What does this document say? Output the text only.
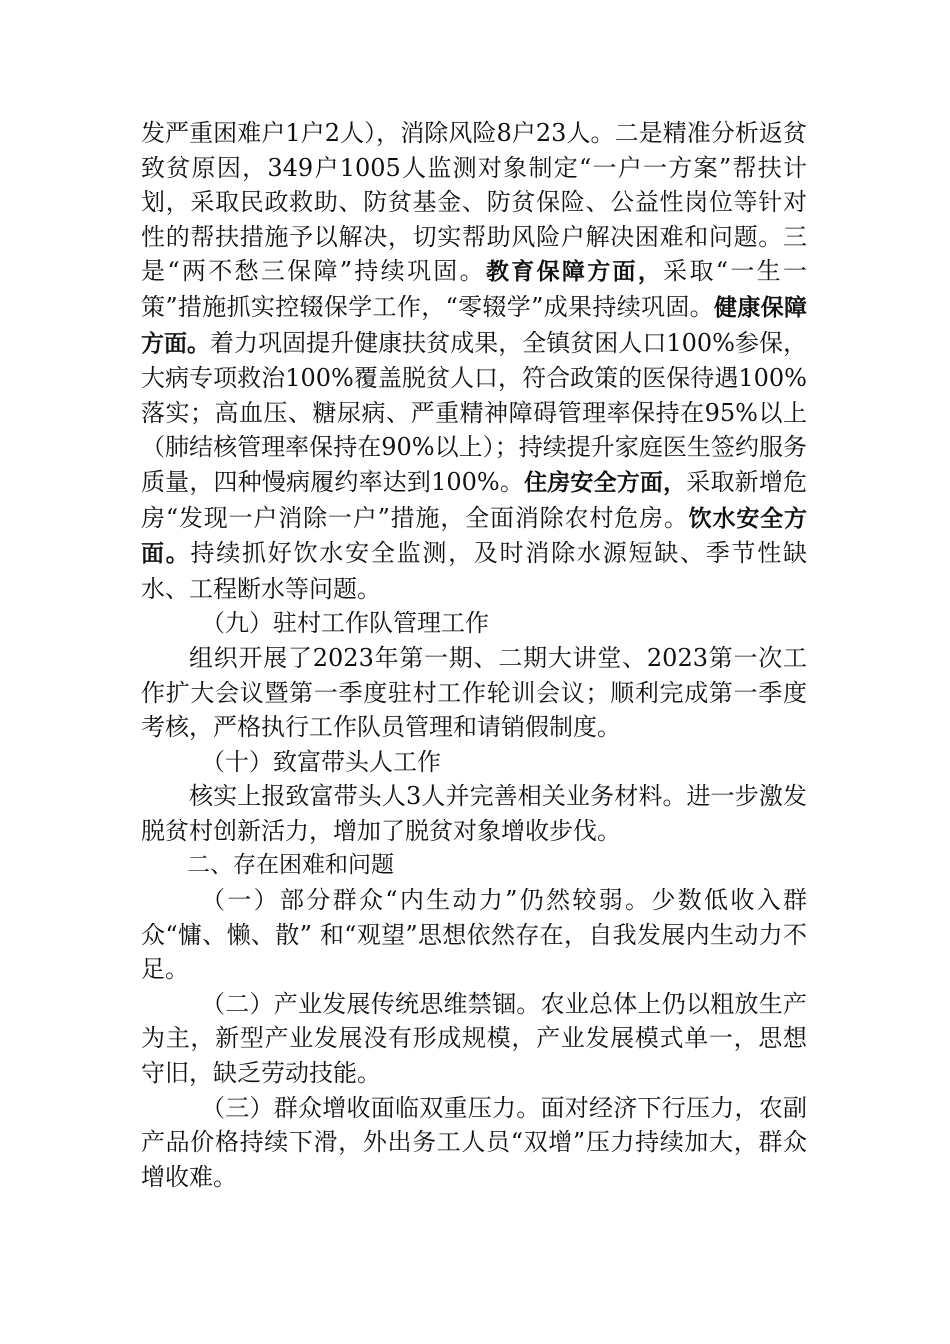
发严重困难户1户2人），消除风险8户23人。二是精准分析返贫致贫原因，349户1005人监测对象制定“一户一方案”帮扶计划，采取民政救助、防贫基金、防贫保险、公益性岗位等针对性的帮扶措施予以解决，切实帮助风险户解决困难和问题。三是“两不愁三保障”持续巩固。教育保障方面，采取“一生一策”措施抓实控辍保学工作，“零辍学”成果持续巩固。健康保障方面。着力巩固提升健康扶贫成果，全镇贫困人口100%参保，大病专项救治100%覆盖脱贫人口，符合政策的医保待遇100%落实；高血压、糖尿病、严重精神障碍管理率保持在95%以上（肺结核管理率保持在90%以上）；持续提升家庭医生签约服务质量，四种慢病履约率达到100%。住房安全方面，采取新增危房“发现一户消除一户”措施，全面消除农村危房。饮水安全方面。持续抓好饮水安全监测，及时消除水源短缺、季节性缺水、工程断水等问题。

（九）驻村工作队管理工作

组织开展了2023年第一期、二期大讲堂、2023第一次工作扩大会议暨第一季度驻村工作轮训会议；顺利完成第一季度考核，严格执行工作队员管理和请销假制度。

（十）致富带头人工作

核实上报致富带头人3人并完善相关业务材料。进一步激发脱贫村创新活力，增加了脱贫对象增收步伐。

二、存在困难和问题

（一）部分群众“内生动力”仍然较弱。少数低收入群众“慵、懒、散” 和“观望”思想依然存在，自我发展内生动力不足。

（二）产业发展传统思维禁锢。农业总体上仍以粗放生产为主，新型产业发展没有形成规模，产业发展模式单一，思想守旧，缺乏劳动技能。

（三）群众增收面临双重压力。面对经济下行压力，农副产品价格持续下滑，外出务工人员“双增”压力持续加大，群众增收难。
